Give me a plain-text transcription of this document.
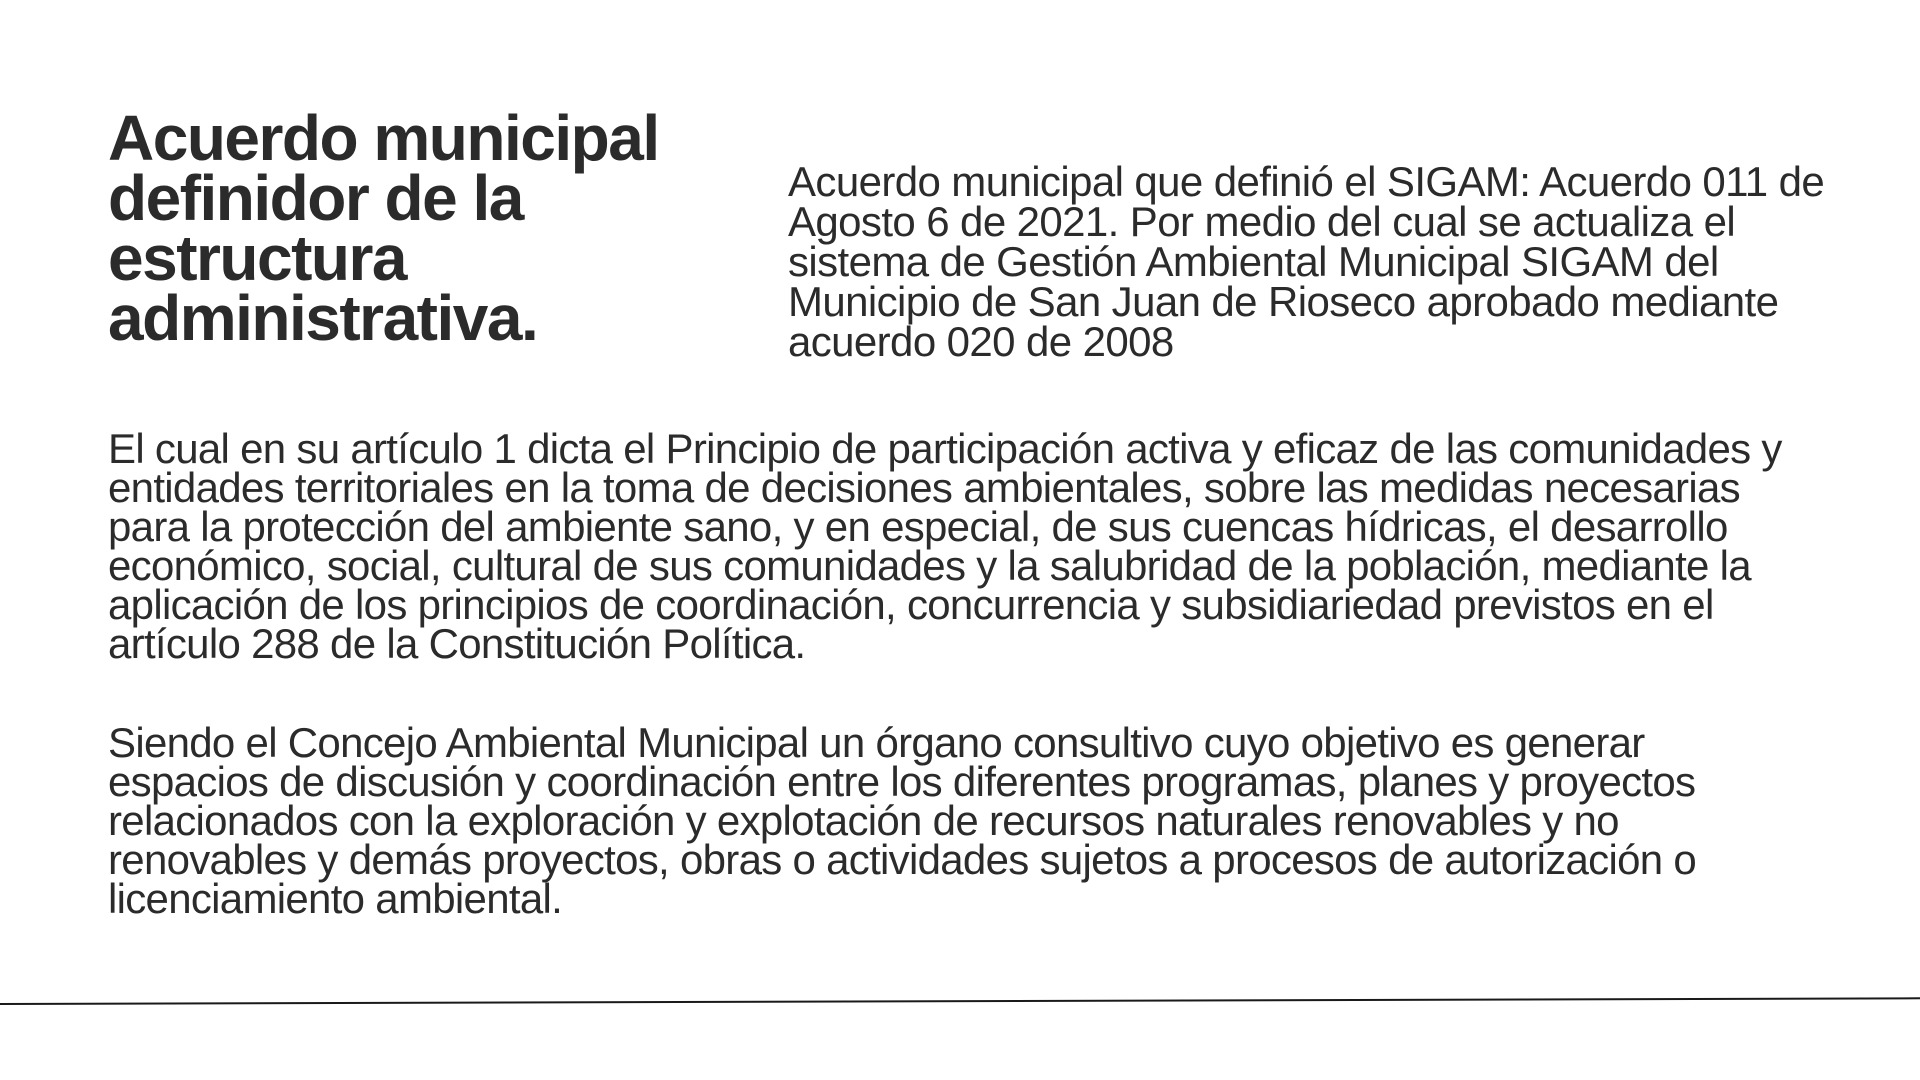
Acuerdo municipal definidor de la estructura administrativa.

Acuerdo municipal que definió el SIGAM: Acuerdo 011 de Agosto 6 de 2021. Por medio del cual se actualiza el sistema de Gestión Ambiental Municipal SIGAM del Municipio de San Juan de Rioseco aprobado mediante acuerdo 020 de 2008

El cual en su artículo 1 dicta el Principio de participación activa y eficaz de las comunidades y entidades territoriales en la toma de decisiones ambientales, sobre las medidas necesarias para la protección del ambiente sano, y en especial, de sus cuencas hídricas, el desarrollo económico, social, cultural de sus comunidades y la salubridad de la población, mediante la aplicación de los principios de coordinación, concurrencia y subsidiariedad previstos en el artículo 288 de la Constitución Política.

Siendo el Concejo Ambiental Municipal un órgano consultivo cuyo objetivo es generar espacios de discusión y coordinación entre los diferentes programas, planes y proyectos relacionados con la exploración y explotación de recursos naturales renovables y no renovables y demás proyectos, obras o actividades sujetos a procesos de autorización o licenciamiento ambiental.
